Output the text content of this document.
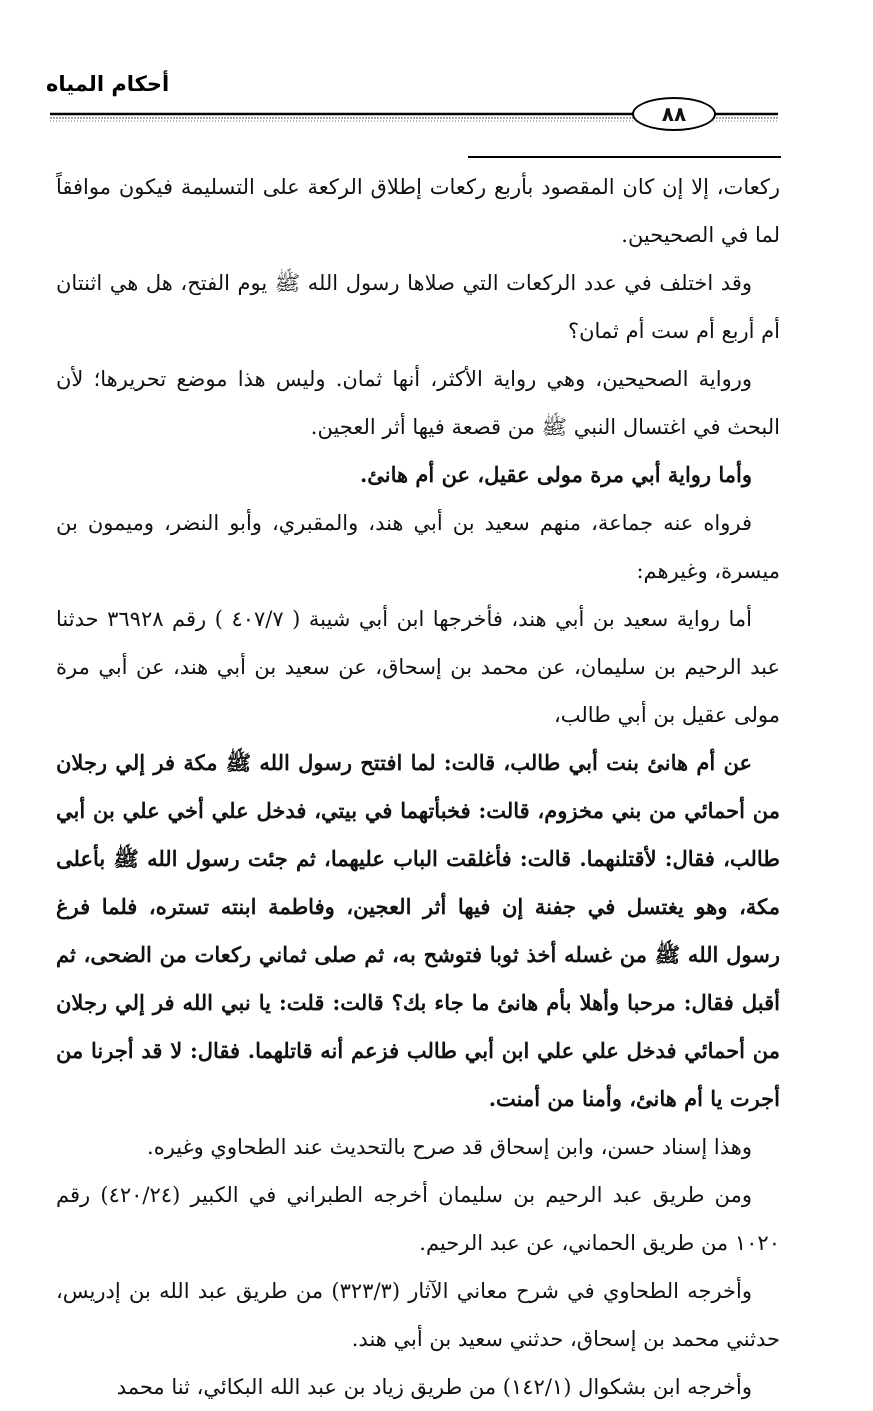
أحكام المياه
٨٨

ركعات، إلا إن كان المقصود بأربع ركعات إطلاق الركعة على التسليمة فيكون موافقاً لما في الصحيحين.

وقد اختلف في عدد الركعات التي صلاها رسول الله ﷺ يوم الفتح، هل هي اثنتان أم أربع أم ست أم ثمان؟

ورواية الصحيحين، وهي رواية الأكثر، أنها ثمان. وليس هذا موضع تحريرها؛ لأن البحث في اغتسال النبي ﷺ من قصعة فيها أثر العجين.

وأما رواية أبي مرة مولى عقيل، عن أم هانئ.

فرواه عنه جماعة، منهم سعيد بن أبي هند، والمقبري، وأبو النضر، وميمون بن ميسرة، وغيرهم:

أما رواية سعيد بن أبي هند، فأخرجها ابن أبي شيبة ( ٤٠٧/٧ ) رقم ٣٦٩٢٨ حدثنا عبد الرحيم بن سليمان، عن محمد بن إسحاق، عن سعيد بن أبي هند، عن أبي مرة مولى عقيل بن أبي طالب،

عن أم هانئ بنت أبي طالب، قالت: لما افتتح رسول الله ﷺ مكة فر إلي رجلان من أحمائي من بني مخزوم، قالت: فخبأتهما في بيتي، فدخل علي أخي علي بن أبي طالب، فقال: لأقتلنهما. قالت: فأغلقت الباب عليهما، ثم جئت رسول الله ﷺ بأعلى مكة، وهو يغتسل في جفنة إن فيها أثر العجين، وفاطمة ابنته تستره، فلما فرغ رسول الله ﷺ من غسله أخذ ثوبا فتوشح به، ثم صلى ثماني ركعات من الضحى، ثم أقبل فقال: مرحبا وأهلا بأم هانئ ما جاء بك؟ قالت: قلت: يا نبي الله فر إلي رجلان من أحمائي فدخل علي علي ابن أبي طالب فزعم أنه قاتلهما. فقال: لا قد أجرنا من أجرت يا أم هانئ، وأمنا من أمنت.

وهذا إسناد حسن، وابن إسحاق قد صرح بالتحديث عند الطحاوي وغيره.

ومن طريق عبد الرحيم بن سليمان أخرجه الطبراني في الكبير (٤٢٠/٢٤) رقم ١٠٢٠ من طريق الحماني، عن عبد الرحيم.

وأخرجه الطحاوي في شرح معاني الآثار (٣٢٣/٣) من طريق عبد الله بن إدريس، حدثني محمد بن إسحاق، حدثني سعيد بن أبي هند.

وأخرجه ابن بشكوال (١٤٢/١) من طريق زياد بن عبد الله البكائي، ثنا محمد
